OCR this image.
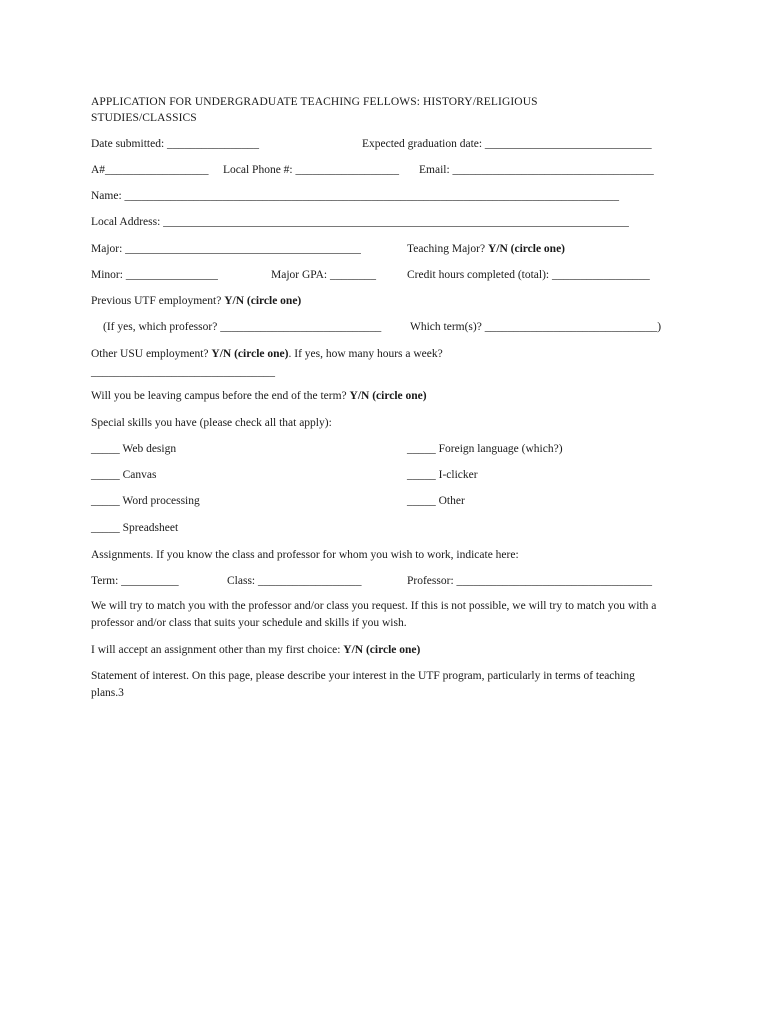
APPLICATION FOR UNDERGRADUATE TEACHING FELLOWS: HISTORY/RELIGIOUS STUDIES/CLASSICS
Date submitted: ________________	Expected graduation date: _____________________________
A#__________________ Local Phone #: __________________ Email: ___________________________________
Name: ______________________________________________________________________________________
Local Address: _________________________________________________________________________________
Major: _________________________________________	Teaching Major? Y/N (circle one)
Minor: ________________	Major GPA: ________	Credit hours completed (total): _________________
Previous UTF employment? Y/N (circle one)
(If yes, which professor? ____________________________	Which term(s)? ______________________________)
Other USU employment? Y/N (circle one). If yes, how many hours a week?
________________________________
Will you be leaving campus before the end of the term? Y/N (circle one)
Special skills you have (please check all that apply):
_____ Web design	_____ Foreign language (which?)
_____ Canvas	_____ I-clicker
_____ Word processing	_____ Other
_____ Spreadsheet
Assignments. If you know the class and professor for whom you wish to work, indicate here:
Term: __________	Class: __________________	Professor: __________________________________
We will try to match you with the professor and/or class you request. If this is not possible, we will try to match you with a professor and/or class that suits your schedule and skills if you wish.
I will accept an assignment other than my first choice: Y/N (circle one)
Statement of interest. On this page, please describe your interest in the UTF program, particularly in terms of teaching plans.3
